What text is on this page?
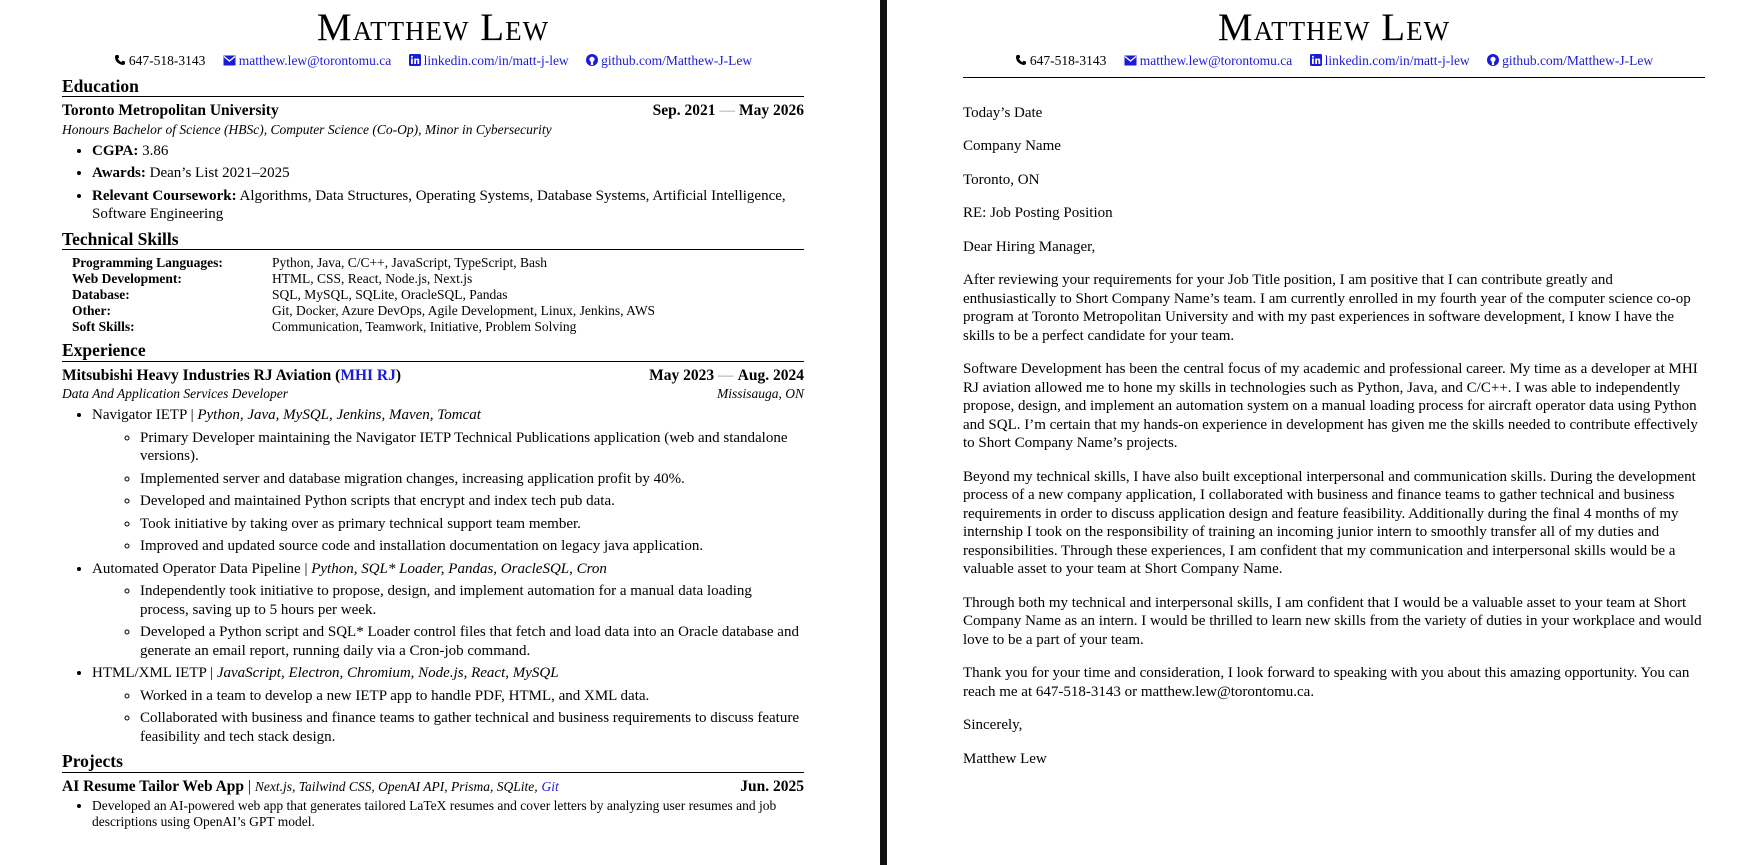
Matthew Lew
647-518-3143 matthew.lew@torontomu.ca linkedin.com/in/matt-j-lew github.com/Matthew-J-Lew
Education
Toronto Metropolitan University	Sep. 2021 — May 2026
Honours Bachelor of Science (HBSc), Computer Science (Co-Op), Minor in Cybersecurity
• CGPA: 3.86
• Awards: Dean’s List 2021–2025
• Relevant Coursework: Algorithms, Data Structures, Operating Systems, Database Systems, Artificial Intelligence, Software Engineering
Technical Skills
Programming Languages:	Python, Java, C/C++, JavaScript, TypeScript, Bash
Web Development:	HTML, CSS, React, Node.js, Next.js
Database:	SQL, MySQL, SQLite, OracleSQL, Pandas
Other:	Git, Docker, Azure DevOps, Agile Development, Linux, Jenkins, AWS
Soft Skills:	Communication, Teamwork, Initiative, Problem Solving
Experience
Mitsubishi Heavy Industries RJ Aviation (MHI RJ)	May 2023 — Aug. 2024
Data And Application Services Developer	Missisauga, ON
• Navigator IETP | Python, Java, MySQL, Jenkins, Maven, Tomcat
◦ Primary Developer maintaining the Navigator IETP Technical Publications application (web and standalone versions).
◦ Implemented server and database migration changes, increasing application profit by 40%.
◦ Developed and maintained Python scripts that encrypt and index tech pub data.
◦ Took initiative by taking over as primary technical support team member.
◦ Improved and updated source code and installation documentation on legacy java application.
• Automated Operator Data Pipeline | Python, SQL* Loader, Pandas, OracleSQL, Cron
◦ Independently took initiative to propose, design, and implement automation for a manual data loading process, saving up to 5 hours per week.
◦ Developed a Python script and SQL* Loader control files that fetch and load data into an Oracle database and generate an email report, running daily via a Cron-job command.
• HTML/XML IETP | JavaScript, Electron, Chromium, Node.js, React, MySQL
◦ Worked in a team to develop a new IETP app to handle PDF, HTML, and XML data.
◦ Collaborated with business and finance teams to gather technical and business requirements to discuss feature feasibility and tech stack design.
Projects
AI Resume Tailor Web App | Next.js, Tailwind CSS, OpenAI API, Prisma, SQLite, Git	Jun. 2025
• Developed an AI-powered web app that generates tailored LaTeX resumes and cover letters by analyzing user resumes and job descriptions using OpenAI’s GPT model.
Matthew Lew
647-518-3143 matthew.lew@torontomu.ca linkedin.com/in/matt-j-lew github.com/Matthew-J-Lew

Today’s Date

Company Name

Toronto, ON

RE: Job Posting Position

Dear Hiring Manager,

After reviewing your requirements for your Job Title position, I am positive that I can contribute greatly and enthusiastically to Short Company Name’s team. I am currently enrolled in my fourth year of the computer science co-op program at Toronto Metropolitan University and with my past experiences in software development, I know I have the skills to be a perfect candidate for your team.

Software Development has been the central focus of my academic and professional career. My time as a developer at MHI RJ aviation allowed me to hone my skills in technologies such as Python, Java, and C/C++. I was able to independently propose, design, and implement an automation system on a manual loading process for aircraft operator data using Python and SQL. I’m certain that my hands-on experience in development has given me the skills needed to contribute effectively to Short Company Name’s projects.

Beyond my technical skills, I have also built exceptional interpersonal and communication skills. During the development process of a new company application, I collaborated with business and finance teams to gather technical and business requirements in order to discuss application design and feature feasibility. Additionally during the final 4 months of my internship I took on the responsibility of training an incoming junior intern to smoothly transfer all of my duties and responsibilities. Through these experiences, I am confident that my communication and interpersonal skills would be a valuable asset to your team at Short Company Name.

Through both my technical and interpersonal skills, I am confident that I would be a valuable asset to your team at Short Company Name as an intern. I would be thrilled to learn new skills from the variety of duties in your workplace and would love to be a part of your team.

Thank you for your time and consideration, I look forward to speaking with you about this amazing opportunity. You can reach me at 647-518-3143 or matthew.lew@torontomu.ca.

Sincerely,

Matthew Lew
